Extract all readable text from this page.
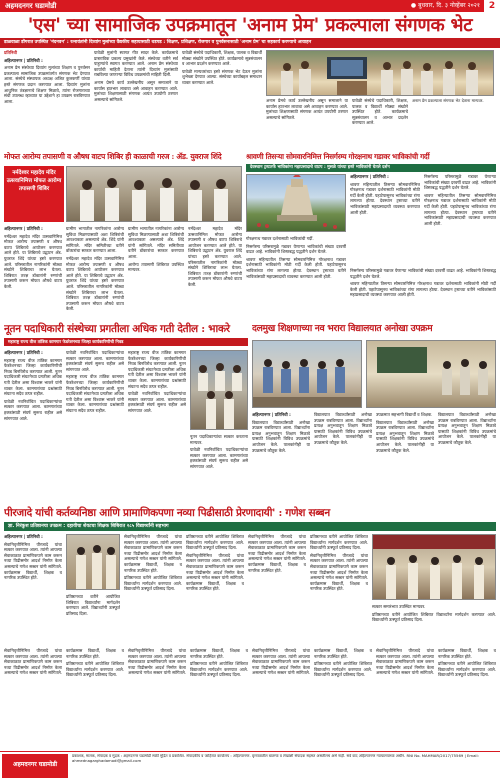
अहमदनगर घडामोडी	● बुधवार, दि. ३ नोव्हेंबर २०२१ 2
'एस' च्या सामाजिक उपक्रमातून 'अनाम प्रेम' प्रकल्पाला संगणक भेट
डाळवाळा डोंगरात उपस्थित 'नंदनवन' : रत्नावंतांनी दिव्यांग मुलांच्या वैद्यकीय सहायासाठी धडपड : शिक्षण, प्रशिक्षण, रोजगार व पुनर्वसनासाठी 'अनाम प्रेम' चा सहकार्य करण्याचे आवाहन

प्रतिनिधी

अहिल्यानगर | प्रतिनिधी :

अनाम प्रेम संस्थेच्या दिव्यांग मुलांच्या शिक्षण व पुनर्वसन प्रकल्पाला सामाजिक उपक्रमांतर्गत संगणक भेट देण्यात आला. संस्थेचे संस्थापक अध्यक्ष अजित कुलकर्णी यांच्या हस्ते संगणक प्रदान करण्यात आला. दिव्यांग मुलांना आधुनिक तंत्रज्ञानाचे शिक्षण मिळावे, त्यांना रोजगाराच्या संधी उपलब्ध व्हाव्यात या उद्देशाने हा उपक्रम राबविण्यात आला.

यावेळी मुलांनी स्वागत गीत सादर केले. कार्यक्रमाचे प्रास्ताविक प्रकल्प प्रमुखांनी केले. संस्थेच्या वतीने सर्व पाहुण्यांचे स्वागत करण्यात आले. अनाम प्रेम संस्थेच्या कार्याची माहिती देताना त्यांनी दिव्यांग मुलांसाठी राबविल्या जाणाऱ्या विविध उपक्रमांची माहिती दिली.

अनाम प्रेमचे कार्य उल्लेखनीय असून समाजाने या कार्यास हातभार लावावा असे आवाहन करण्यात आले. मुलांच्या शिक्षणासाठी संगणक अत्यंत उपयोगी ठरणार असल्याचे सांगितले.

यावेळी संस्थेचे पदाधिकारी, शिक्षक, पालक व विद्यार्थी मोठ्या संख्येने उपस्थित होते. कार्यक्रमाचे सूत्रसंचालन व आभार प्रदर्शन करण्यात आले.

यावेळी मान्यवरांच्या हस्ते संगणक भेट देऊन मुलांना शुभेच्छा देण्यात आल्या. संस्थेच्या कार्याबद्दल समाधान व्यक्त करण्यात आले.

अनाम प्रेमचे कार्य उल्लेखनीय असून समाजाने या कार्यास हातभार लावावा असे आवाहन करण्यात आले. मुलांच्या शिक्षणासाठी संगणक अत्यंत उपयोगी ठरणार असल्याचे सांगितले.

यावेळी संस्थेचे पदाधिकारी, शिक्षक, पालक व विद्यार्थी मोठ्या संख्येने उपस्थित होते. कार्यक्रमाचे सूत्रसंचालन व आभार प्रदर्शन करण्यात आले.

अनाम प्रेम प्रकल्पाला संगणक भेट देताना मान्यवर.
मोफत आरोग्य तपासणी व औषध वाटप शिबिर ही काळाची गरज : ॲड. युवराज शिंदे
नर्मदेश्वर महादेव मंदिर उत्सवानिमित्त मोफत आरोग्य तपासणी शिबिर

अहिल्यानगर | प्रतिनिधी :

नर्मदेश्वर महादेव मंदिर उत्सवानिमित्त मोफत आरोग्य तपासणी व औषध वाटप शिबिराचे आयोजन करण्यात आले होते. या शिबिराचे उद्घाटन ॲड. युवराज शिंदे यांच्या हस्ते करण्यात आले. परिसरातील नागरिकांनी मोठ्या संख्येने शिबिराचा लाभ घेतला. शिबिरात तज्ज्ञ डॉक्टरांनी रुग्णांची तपासणी करून मोफत औषधे वाटप केली.

ग्रामीण भागातील नागरिकांना आरोग्य सुविधा मिळण्यासाठी अशा शिबिरांची आवश्यकता असल्याचे ॲड. शिंदे यांनी सांगितले. मंदिर समितीच्या वतीने डॉक्टरांचा सत्कार करण्यात आला.

नर्मदेश्वर महादेव मंदिर उत्सवानिमित्त मोफत आरोग्य तपासणी व औषध वाटप शिबिराचे आयोजन करण्यात आले होते. या शिबिराचे उद्घाटन ॲड. युवराज शिंदे यांच्या हस्ते करण्यात आले. परिसरातील नागरिकांनी मोठ्या संख्येने शिबिराचा लाभ घेतला. शिबिरात तज्ज्ञ डॉक्टरांनी रुग्णांची तपासणी करून मोफत औषधे वाटप केली.

ग्रामीण भागातील नागरिकांना आरोग्य सुविधा मिळण्यासाठी अशा शिबिरांची आवश्यकता असल्याचे ॲड. शिंदे यांनी सांगितले. मंदिर समितीच्या वतीने डॉक्टरांचा सत्कार करण्यात आला.

आरोग्य तपासणी शिबिरात उपस्थित मान्यवर.

नर्मदेश्वर महादेव मंदिर उत्सवानिमित्त मोफत आरोग्य तपासणी व औषध वाटप शिबिराचे आयोजन करण्यात आले होते. या शिबिराचे उद्घाटन ॲड. युवराज शिंदे यांच्या हस्ते करण्यात आले. परिसरातील नागरिकांनी मोठ्या संख्येने शिबिराचा लाभ घेतला. शिबिरात तज्ज्ञ डॉक्टरांनी रुग्णांची तपासणी करून मोफत औषधे वाटप केली.

श्रावणी तिसऱ्या सोमवारनिमित्त निसर्गरम्य गोरक्षनाथ गडावर भाविकांची गर्दी
देवस्थान ट्रस्टतर्फे भाविकांना महाप्रसादाचे वाटप : मुसळे यांच्या हस्ते भाविकांनी घेतले दर्शन

अहिल्यानगर | प्रतिनिधी :

श्रावण महिन्यातील तिसऱ्या सोमवारनिमित्त गोरक्षनाथ गडावर दर्शनासाठी भाविकांनी मोठी गर्दी केली होती. पहाटेपासूनच भाविकांच्या रांगा लागल्या होत्या. देवस्थान ट्रस्टच्या वतीने भाविकांसाठी महाप्रसादाची व्यवस्था करण्यात आली होती.

निसर्गरम्य परिसरामुळे गडावर येणाऱ्या भाविकांची संख्या दरवर्षी वाढत आहे. भाविकांनी शिस्तबद्ध पद्धतीने दर्शन घेतले.

श्रावण महिन्यातील तिसऱ्या सोमवारनिमित्त गोरक्षनाथ गडावर दर्शनासाठी भाविकांनी मोठी गर्दी केली होती. पहाटेपासूनच भाविकांच्या रांगा लागल्या होत्या. देवस्थान ट्रस्टच्या वतीने भाविकांसाठी महाप्रसादाची व्यवस्था करण्यात आली होती.

गोरक्षनाथ गडावर दर्शनासाठी भाविकांची गर्दी.

निसर्गरम्य परिसरामुळे गडावर येणाऱ्या भाविकांची संख्या दरवर्षी वाढत आहे. भाविकांनी शिस्तबद्ध पद्धतीने दर्शन घेतले.

श्रावण महिन्यातील तिसऱ्या सोमवारनिमित्त गोरक्षनाथ गडावर दर्शनासाठी भाविकांनी मोठी गर्दी केली होती. पहाटेपासूनच भाविकांच्या रांगा लागल्या होत्या. देवस्थान ट्रस्टच्या वतीने भाविकांसाठी महाप्रसादाची व्यवस्था करण्यात आली होती.

निसर्गरम्य परिसरामुळे गडावर येणाऱ्या भाविकांची संख्या दरवर्षी वाढत आहे. भाविकांनी शिस्तबद्ध पद्धतीने दर्शन घेतले.

श्रावण महिन्यातील तिसऱ्या सोमवारनिमित्त गोरक्षनाथ गडावर दर्शनासाठी भाविकांनी मोठी गर्दी केली होती. पहाटेपासूनच भाविकांच्या रांगा लागल्या होत्या. देवस्थान ट्रस्टच्या वतीने भाविकांसाठी महाप्रसादाची व्यवस्था करण्यात आली होती.

नूतन पदाधिकारी संस्थेच्या प्रगतीला अधिक गती देतील : भाकरे
महाराष्ट्र राज्य वीज तांत्रिक कामगार फेडरेशनच्या जिल्हा कार्यकारिणीची निवड

अहिल्यानगर | प्रतिनिधी :

महाराष्ट्र राज्य वीज तांत्रिक कामगार फेडरेशनच्या जिल्हा कार्यकारिणीची निवड बिनविरोध करण्यात आली. नूतन पदाधिकारी संघटनेच्या प्रगतीला अधिक गती देतील असा विश्वास भाकरे यांनी व्यक्त केला. कामगारांच्या प्रश्नांसाठी संघटना सदैव तत्पर राहील.

यावेळी नवनिर्वाचित पदाधिकाऱ्यांचा सत्कार करण्यात आला. कामगारांच्या हक्कांसाठी संघर्ष सुरूच राहील असे सांगण्यात आले.

यावेळी नवनिर्वाचित पदाधिकाऱ्यांचा सत्कार करण्यात आला. कामगारांच्या हक्कांसाठी संघर्ष सुरूच राहील असे सांगण्यात आले.

महाराष्ट्र राज्य वीज तांत्रिक कामगार फेडरेशनच्या जिल्हा कार्यकारिणीची निवड बिनविरोध करण्यात आली. नूतन पदाधिकारी संघटनेच्या प्रगतीला अधिक गती देतील असा विश्वास भाकरे यांनी व्यक्त केला. कामगारांच्या प्रश्नांसाठी संघटना सदैव तत्पर राहील.

महाराष्ट्र राज्य वीज तांत्रिक कामगार फेडरेशनच्या जिल्हा कार्यकारिणीची निवड बिनविरोध करण्यात आली. नूतन पदाधिकारी संघटनेच्या प्रगतीला अधिक गती देतील असा विश्वास भाकरे यांनी व्यक्त केला. कामगारांच्या प्रश्नांसाठी संघटना सदैव तत्पर राहील.

यावेळी नवनिर्वाचित पदाधिकाऱ्यांचा सत्कार करण्यात आला. कामगारांच्या हक्कांसाठी संघर्ष सुरूच राहील असे सांगण्यात आले.

नूतन पदाधिकाऱ्यांचा सत्कार करताना मान्यवर.

यावेळी नवनिर्वाचित पदाधिकाऱ्यांचा सत्कार करण्यात आला. कामगारांच्या हक्कांसाठी संघर्ष सुरूच राहील असे सांगण्यात आले.

दलमुख शिक्षणाच्या नव भरारा विद्यालयात अनोखा उपक्रम

अहिल्यानगर | प्रतिनिधी :

विद्यालयात विद्यार्थ्यांसाठी अनोखा उपक्रम राबविण्यात आला. विद्यार्थ्यांना प्रत्यक्ष अनुभवातून शिक्षण मिळावे यासाठी शिक्षकांनी विविध उपक्रमांचे आयोजन केले. पालकांनीही या उपक्रमाचे कौतुक केले.

विद्यालयात विद्यार्थ्यांसाठी अनोखा उपक्रम राबविण्यात आला. विद्यार्थ्यांना प्रत्यक्ष अनुभवातून शिक्षण मिळावे यासाठी शिक्षकांनी विविध उपक्रमांचे आयोजन केले. पालकांनीही या उपक्रमाचे कौतुक केले.

उपक्रमात सहभागी विद्यार्थी व शिक्षक.

विद्यालयात विद्यार्थ्यांसाठी अनोखा उपक्रम राबविण्यात आला. विद्यार्थ्यांना प्रत्यक्ष अनुभवातून शिक्षण मिळावे यासाठी शिक्षकांनी विविध उपक्रमांचे आयोजन केले. पालकांनीही या उपक्रमाचे कौतुक केले.

विद्यालयात विद्यार्थ्यांसाठी अनोखा उपक्रम राबविण्यात आला. विद्यार्थ्यांना प्रत्यक्ष अनुभवातून शिक्षण मिळावे यासाठी शिक्षकांनी विविध उपक्रमांचे आयोजन केले. पालकांनीही या उपक्रमाचे कौतुक केले.

पीरजादे यांची कर्तव्यनिष्ठा आणि प्रामाणिकपणा नव्या पिढीसाठी प्रेरणादायी' : गणेश सब्बन
ज्ञा. निरंकुश प्रतिष्ठानचा उपक्रम : दहावीचा शेवटचा शिक्षक शिबिरात २८५ विद्यार्थ्यांनी सहभाग

अहिल्यानगर | प्रतिनिधी :

सेवानिवृत्तीनिमित्त पीरजादे यांचा सत्कार करण्यात आला. त्यांनी आपल्या सेवाकाळात प्रामाणिकपणे काम करून नव्या पिढीसमोर आदर्श निर्माण केला असल्याचे गणेश सब्बन यांनी सांगितले. कार्यक्रमास विद्यार्थी, शिक्षक व नागरिक उपस्थित होते.

प्रतिष्ठानच्या वतीने आयोजित शिबिरात विद्यार्थ्यांना मार्गदर्शन करण्यात आले. विद्यार्थ्यांनी उत्स्फूर्त प्रतिसाद दिला.

सेवानिवृत्तीनिमित्त पीरजादे यांचा सत्कार करण्यात आला. त्यांनी आपल्या सेवाकाळात प्रामाणिकपणे काम करून नव्या पिढीसमोर आदर्श निर्माण केला असल्याचे गणेश सब्बन यांनी सांगितले. कार्यक्रमास विद्यार्थी, शिक्षक व नागरिक उपस्थित होते.

प्रतिष्ठानच्या वतीने आयोजित शिबिरात विद्यार्थ्यांना मार्गदर्शन करण्यात आले. विद्यार्थ्यांनी उत्स्फूर्त प्रतिसाद दिला.

प्रतिष्ठानच्या वतीने आयोजित शिबिरात विद्यार्थ्यांना मार्गदर्शन करण्यात आले. विद्यार्थ्यांनी उत्स्फूर्त प्रतिसाद दिला.

सेवानिवृत्तीनिमित्त पीरजादे यांचा सत्कार करण्यात आला. त्यांनी आपल्या सेवाकाळात प्रामाणिकपणे काम करून नव्या पिढीसमोर आदर्श निर्माण केला असल्याचे गणेश सब्बन यांनी सांगितले. कार्यक्रमास विद्यार्थी, शिक्षक व नागरिक उपस्थित होते.

सेवानिवृत्तीनिमित्त पीरजादे यांचा सत्कार करण्यात आला. त्यांनी आपल्या सेवाकाळात प्रामाणिकपणे काम करून नव्या पिढीसमोर आदर्श निर्माण केला असल्याचे गणेश सब्बन यांनी सांगितले. कार्यक्रमास विद्यार्थी, शिक्षक व नागरिक उपस्थित होते.

प्रतिष्ठानच्या वतीने आयोजित शिबिरात विद्यार्थ्यांना मार्गदर्शन करण्यात आले. विद्यार्थ्यांनी उत्स्फूर्त प्रतिसाद दिला.

सेवानिवृत्तीनिमित्त पीरजादे यांचा सत्कार करण्यात आला. त्यांनी आपल्या सेवाकाळात प्रामाणिकपणे काम करून नव्या पिढीसमोर आदर्श निर्माण केला असल्याचे गणेश सब्बन यांनी सांगितले. कार्यक्रमास विद्यार्थी, शिक्षक व नागरिक उपस्थित होते.

सत्कार समारंभात उपस्थित मान्यवर.

प्रतिष्ठानच्या वतीने आयोजित शिबिरात विद्यार्थ्यांना मार्गदर्शन करण्यात आले. विद्यार्थ्यांनी उत्स्फूर्त प्रतिसाद दिला.

सेवानिवृत्तीनिमित्त पीरजादे यांचा सत्कार करण्यात आला. त्यांनी आपल्या सेवाकाळात प्रामाणिकपणे काम करून नव्या पिढीसमोर आदर्श निर्माण केला असल्याचे गणेश सब्बन यांनी सांगितले. कार्यक्रमास विद्यार्थी, शिक्षक व नागरिक उपस्थित होते.

प्रतिष्ठानच्या वतीने आयोजित शिबिरात विद्यार्थ्यांना मार्गदर्शन करण्यात आले. विद्यार्थ्यांनी उत्स्फूर्त प्रतिसाद दिला.

सेवानिवृत्तीनिमित्त पीरजादे यांचा सत्कार करण्यात आला. त्यांनी आपल्या सेवाकाळात प्रामाणिकपणे काम करून नव्या पिढीसमोर आदर्श निर्माण केला असल्याचे गणेश सब्बन यांनी सांगितले. कार्यक्रमास विद्यार्थी, शिक्षक व नागरिक उपस्थित होते.

प्रतिष्ठानच्या वतीने आयोजित शिबिरात विद्यार्थ्यांना मार्गदर्शन करण्यात आले. विद्यार्थ्यांनी उत्स्फूर्त प्रतिसाद दिला.

सेवानिवृत्तीनिमित्त पीरजादे यांचा सत्कार करण्यात आला. त्यांनी आपल्या सेवाकाळात प्रामाणिकपणे काम करून नव्या पिढीसमोर आदर्श निर्माण केला असल्याचे गणेश सब्बन यांनी सांगितले. कार्यक्रमास विद्यार्थी, शिक्षक व नागरिक उपस्थित होते.

प्रतिष्ठानच्या वतीने आयोजित शिबिरात विद्यार्थ्यांना मार्गदर्शन करण्यात आले. विद्यार्थ्यांनी उत्स्फूर्त प्रतिसाद दिला.

सेवानिवृत्तीनिमित्त पीरजादे यांचा सत्कार करण्यात आला. त्यांनी आपल्या सेवाकाळात प्रामाणिकपणे काम करून नव्या पिढीसमोर आदर्श निर्माण केला असल्याचे गणेश सब्बन यांनी सांगितले. कार्यक्रमास विद्यार्थी, शिक्षक व नागरिक उपस्थित होते.

प्रतिष्ठानच्या वतीने आयोजित शिबिरात विद्यार्थ्यांना मार्गदर्शन करण्यात आले. विद्यार्थ्यांनी उत्स्फूर्त प्रतिसाद दिला.

अहमदनगर घडामोडी
प्रकाशक, मालक, संपादक व मुद्रक : अहमदनगर घडामोडी साठी मुद्रित व प्रकाशित. संपादकीय व जाहिरात कार्यालय : अहिल्यानगर. वृत्तपत्रातील बातम्या व लेखांशी संपादक सहमत असतीलच असे नाही. सर्व वाद अहिल्यानगर न्यायालयाच्या अधीन. RNI No. MAHMAR/2017/75569 | Email: ahmednagarghadamodi@gmail.com
